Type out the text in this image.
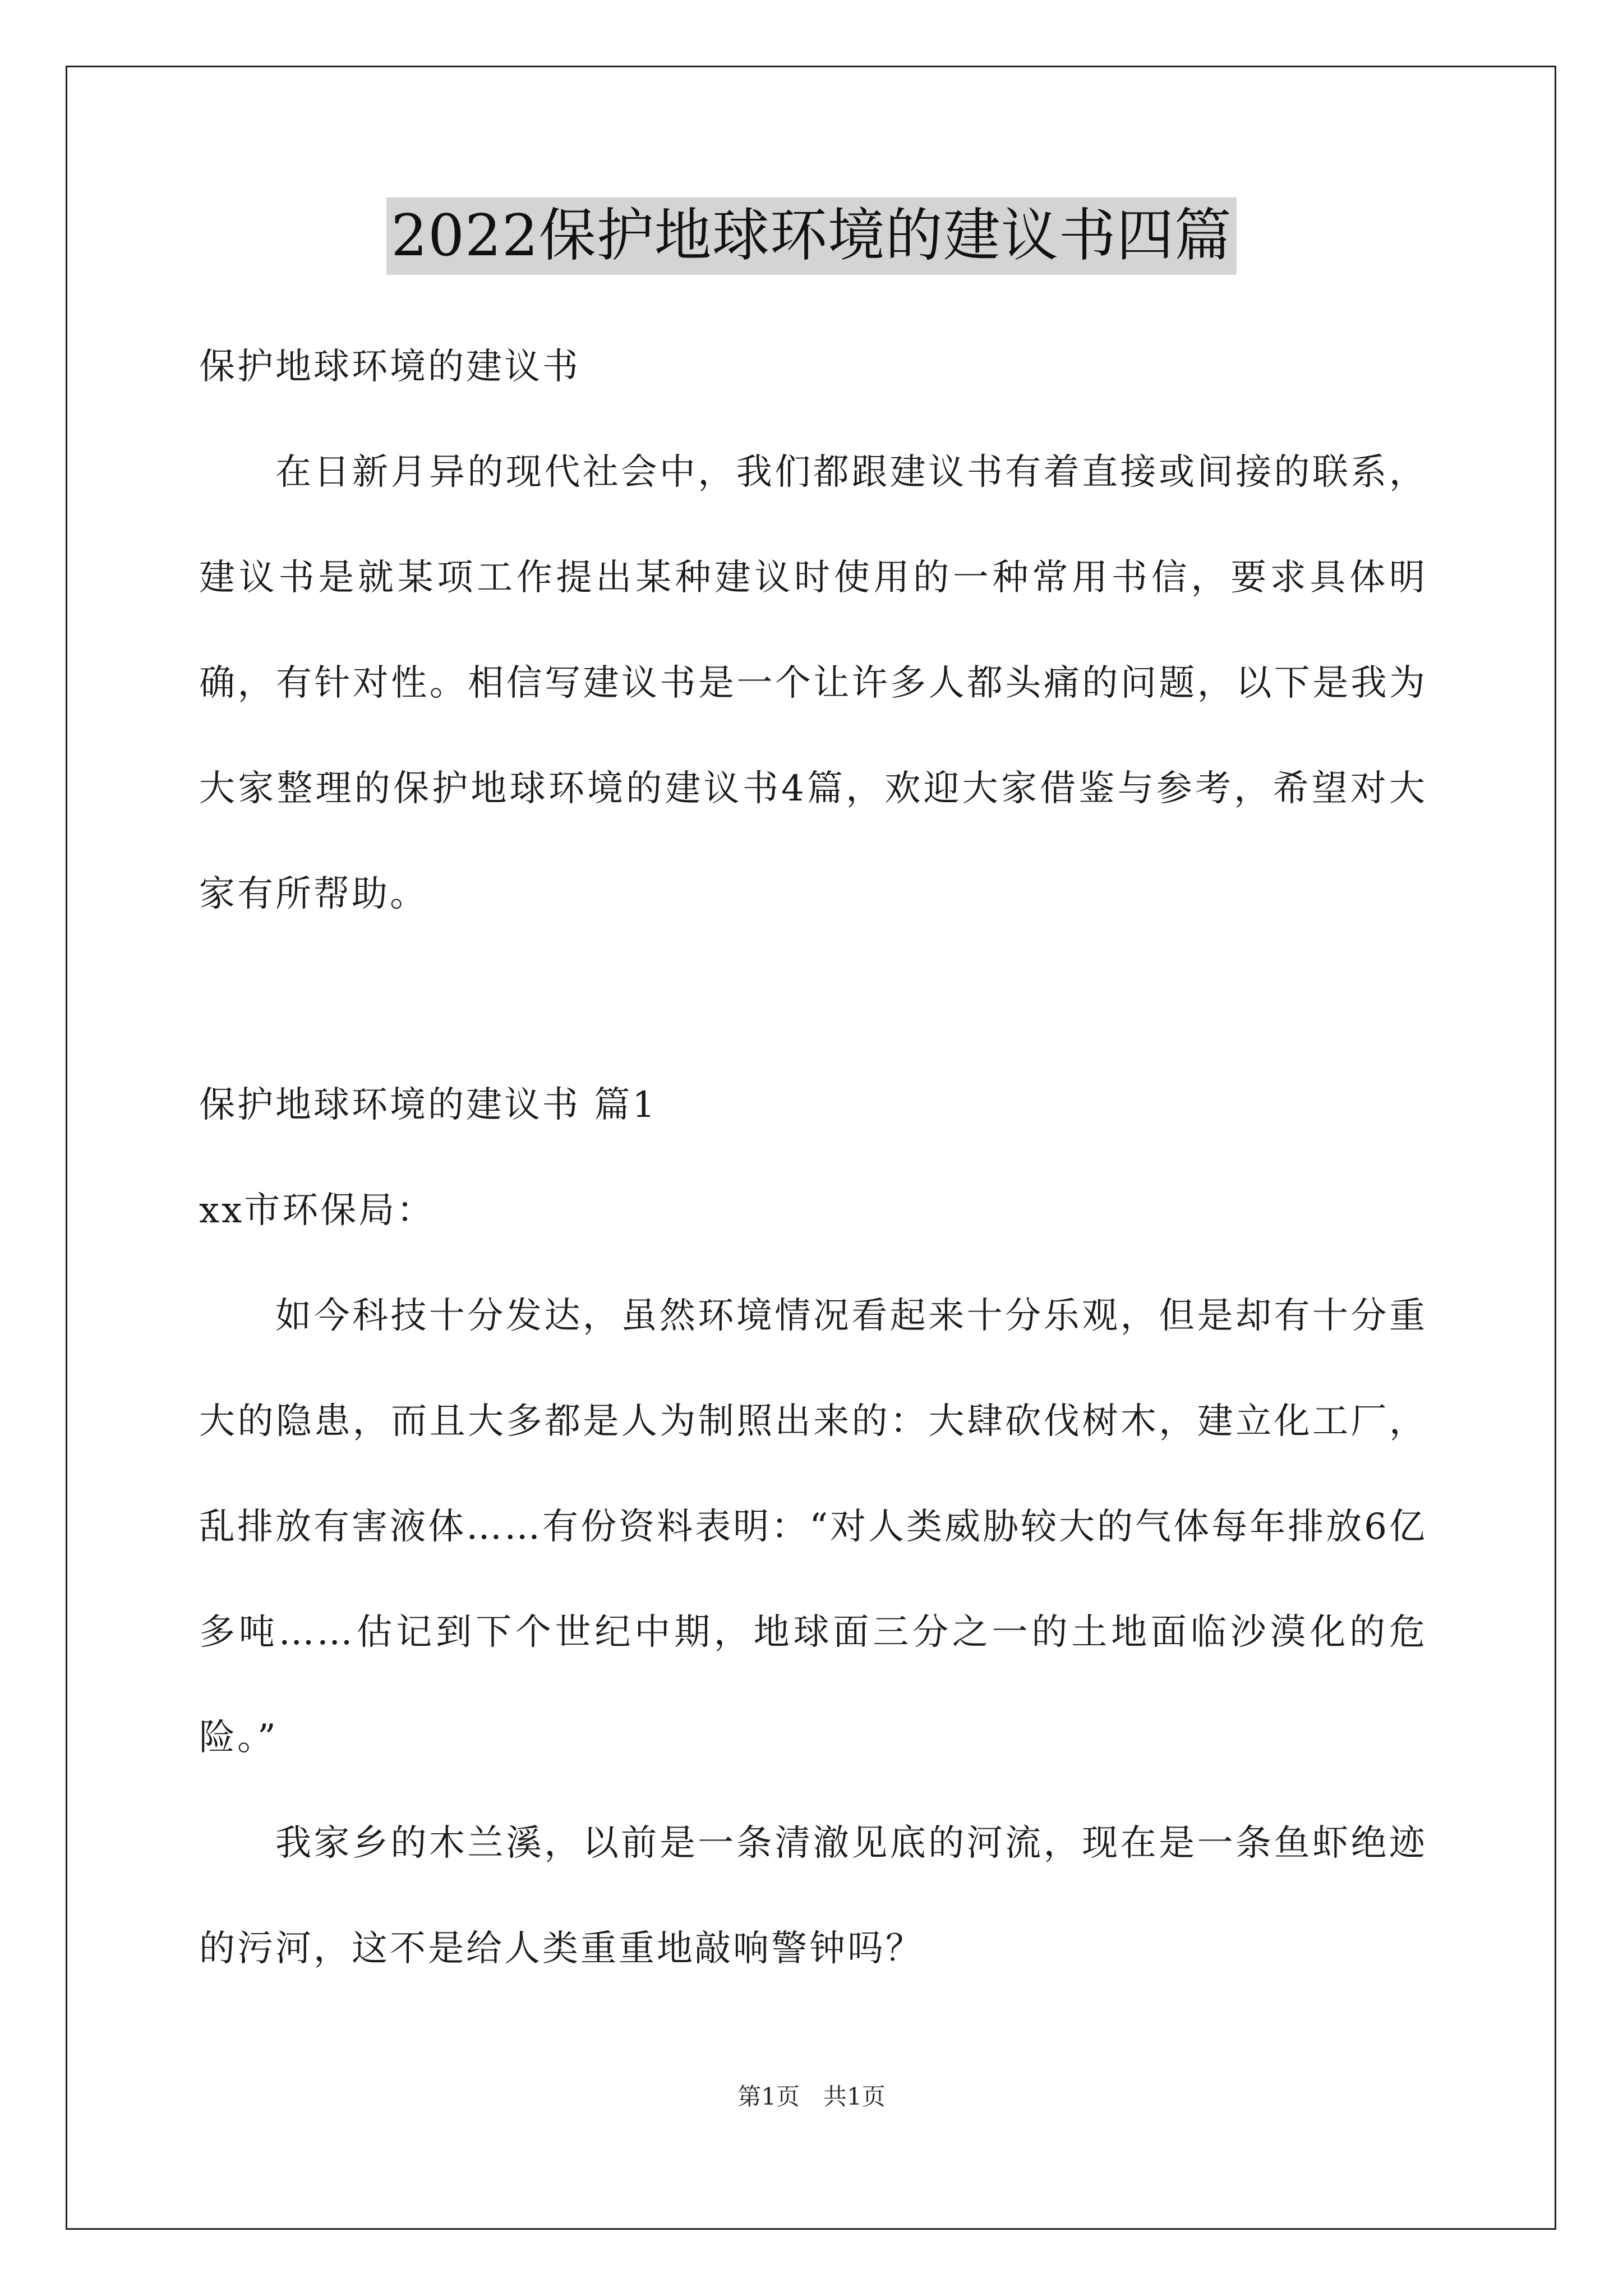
2022保护地球环境的建议书四篇

保护地球环境的建议书

在日新月异的现代社会中，我们都跟建议书有着直接或间接的联系，建议书是就某项工作提出某种建议时使用的一种常用书信，要求具体明确，有针对性。相信写建议书是一个让许多人都头痛的问题，以下是我为大家整理的保护地球环境的建议书4篇，欢迎大家借鉴与参考，希望对大家有所帮助。

保护地球环境的建议书 篇1

xx市环保局：

如今科技十分发达，虽然环境情况看起来十分乐观，但是却有十分重大的隐患，而且大多都是人为制照出来的：大肆砍伐树木，建立化工厂，乱排放有害液体……有份资料表明：“对人类威胁较大的气体每年排放6亿多吨……估记到下个世纪中期，地球面三分之一的土地面临沙漠化的危险。”

我家乡的木兰溪，以前是一条清澈见底的河流，现在是一条鱼虾绝迹的污河，这不是给人类重重地敲响警钟吗？

第1页　共1页
